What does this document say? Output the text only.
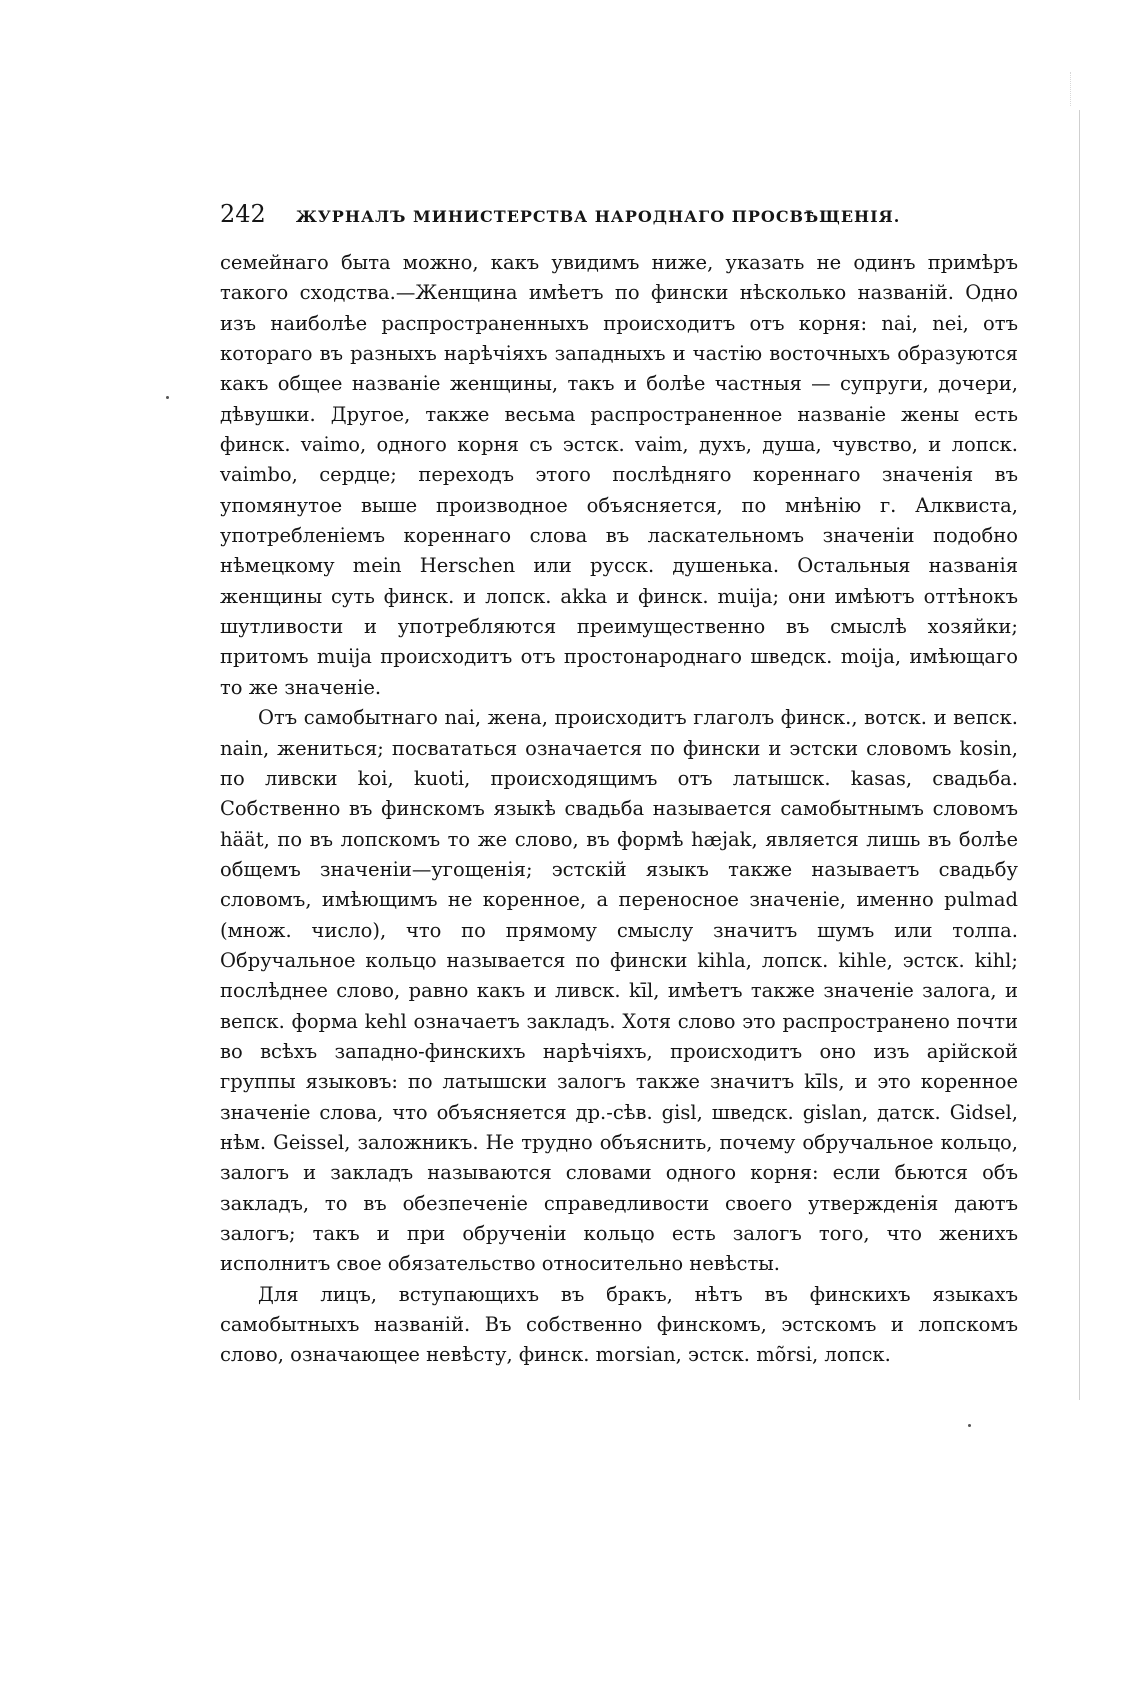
242 ЖУРНАЛЪ МИНИСТЕРСТВА НАРОДНАГО ПРОСВѢЩЕНІЯ.

семейнаго быта можно, какъ увидимъ ниже, указать не одинъ примѣръ такого сходства.—Женщина имѣетъ по фински нѣсколько названій. Одно изъ наиболѣе распространенныхъ происходитъ отъ корня: nai, nei, отъ котораго въ разныхъ нарѣчіяхъ западныхъ и частію восточныхъ образуются какъ общее названіе женщины, такъ и болѣе частныя — супруги, дочери, дѣвушки. Другое, также весьма распространенное названіе жены есть финск. vaimo, одного корня съ эстск. vaim, духъ, душа, чувство, и лопск. vaimbo, сердце; переходъ этого послѣдняго кореннаго значенія въ упомянутое выше производное объясняется, по мнѣнію г. Алквиста, употребленіемъ кореннаго слова въ ласкательномъ значеніи подобно нѣмецкому mein Herschen или русск. душенька. Остальныя названія женщины суть финск. и лопск. akka и финск. muija; они имѣютъ оттѣнокъ шутливости и употребляются преимущественно въ смыслѣ хозяйки; притомъ muija происходитъ отъ простонароднаго шведск. moija, имѣющаго то же значеніе.

Отъ самобытнаго nai, жена, происходитъ глаголъ финск., вотск. и вепск. nain, жениться; посвататься означается по фински и эстски словомъ kosin, по ливски koi, kuoti, происходящимъ отъ латышск. kasas, свадьба. Собственно въ финскомъ языкѣ свадьба называется самобытнымъ словомъ häät, по въ лопскомъ то же слово, въ формѣ hæjak, является лишь въ болѣе общемъ значеніи—угощенія; эстскій языкъ также называетъ свадьбу словомъ, имѣющимъ не коренное, а переносное значеніе, именно pulmad (множ. число), что по прямому смыслу значитъ шумъ или толпа. Обручальное кольцо называется по фински kihla, лопск. kihle, эстск. kihl; послѣднее слово, равно какъ и ливск. kīl, имѣетъ также значеніе залога, и вепск. форма kehl означаетъ закладъ. Хотя слово это распространено почти во всѣхъ западно-финскихъ нарѣчіяхъ, происходитъ оно изъ арійской группы языковъ: по латышски залогъ также значитъ kīls, и это коренное значеніе слова, что объясняется др.-сѣв. gisl, шведск. gislan, датск. Gidsel, нѣм. Geissel, заложникъ. Не трудно объяснить, почему обручальное кольцо, залогъ и закладъ называются словами одного корня: если бьются объ закладъ, то въ обезпеченіе справедливости своего утвержденія даютъ залогъ; такъ и при обрученіи кольцо есть залогъ того, что женихъ исполнитъ свое обязательство относительно невѣсты.

Для лицъ, вступающихъ въ бракъ, нѣтъ въ финскихъ языкахъ самобытныхъ названій. Въ собственно финскомъ, эстскомъ и лопскомъ слово, означающее невѣсту, финск. morsian, эстск. mõrsi, лопск.
